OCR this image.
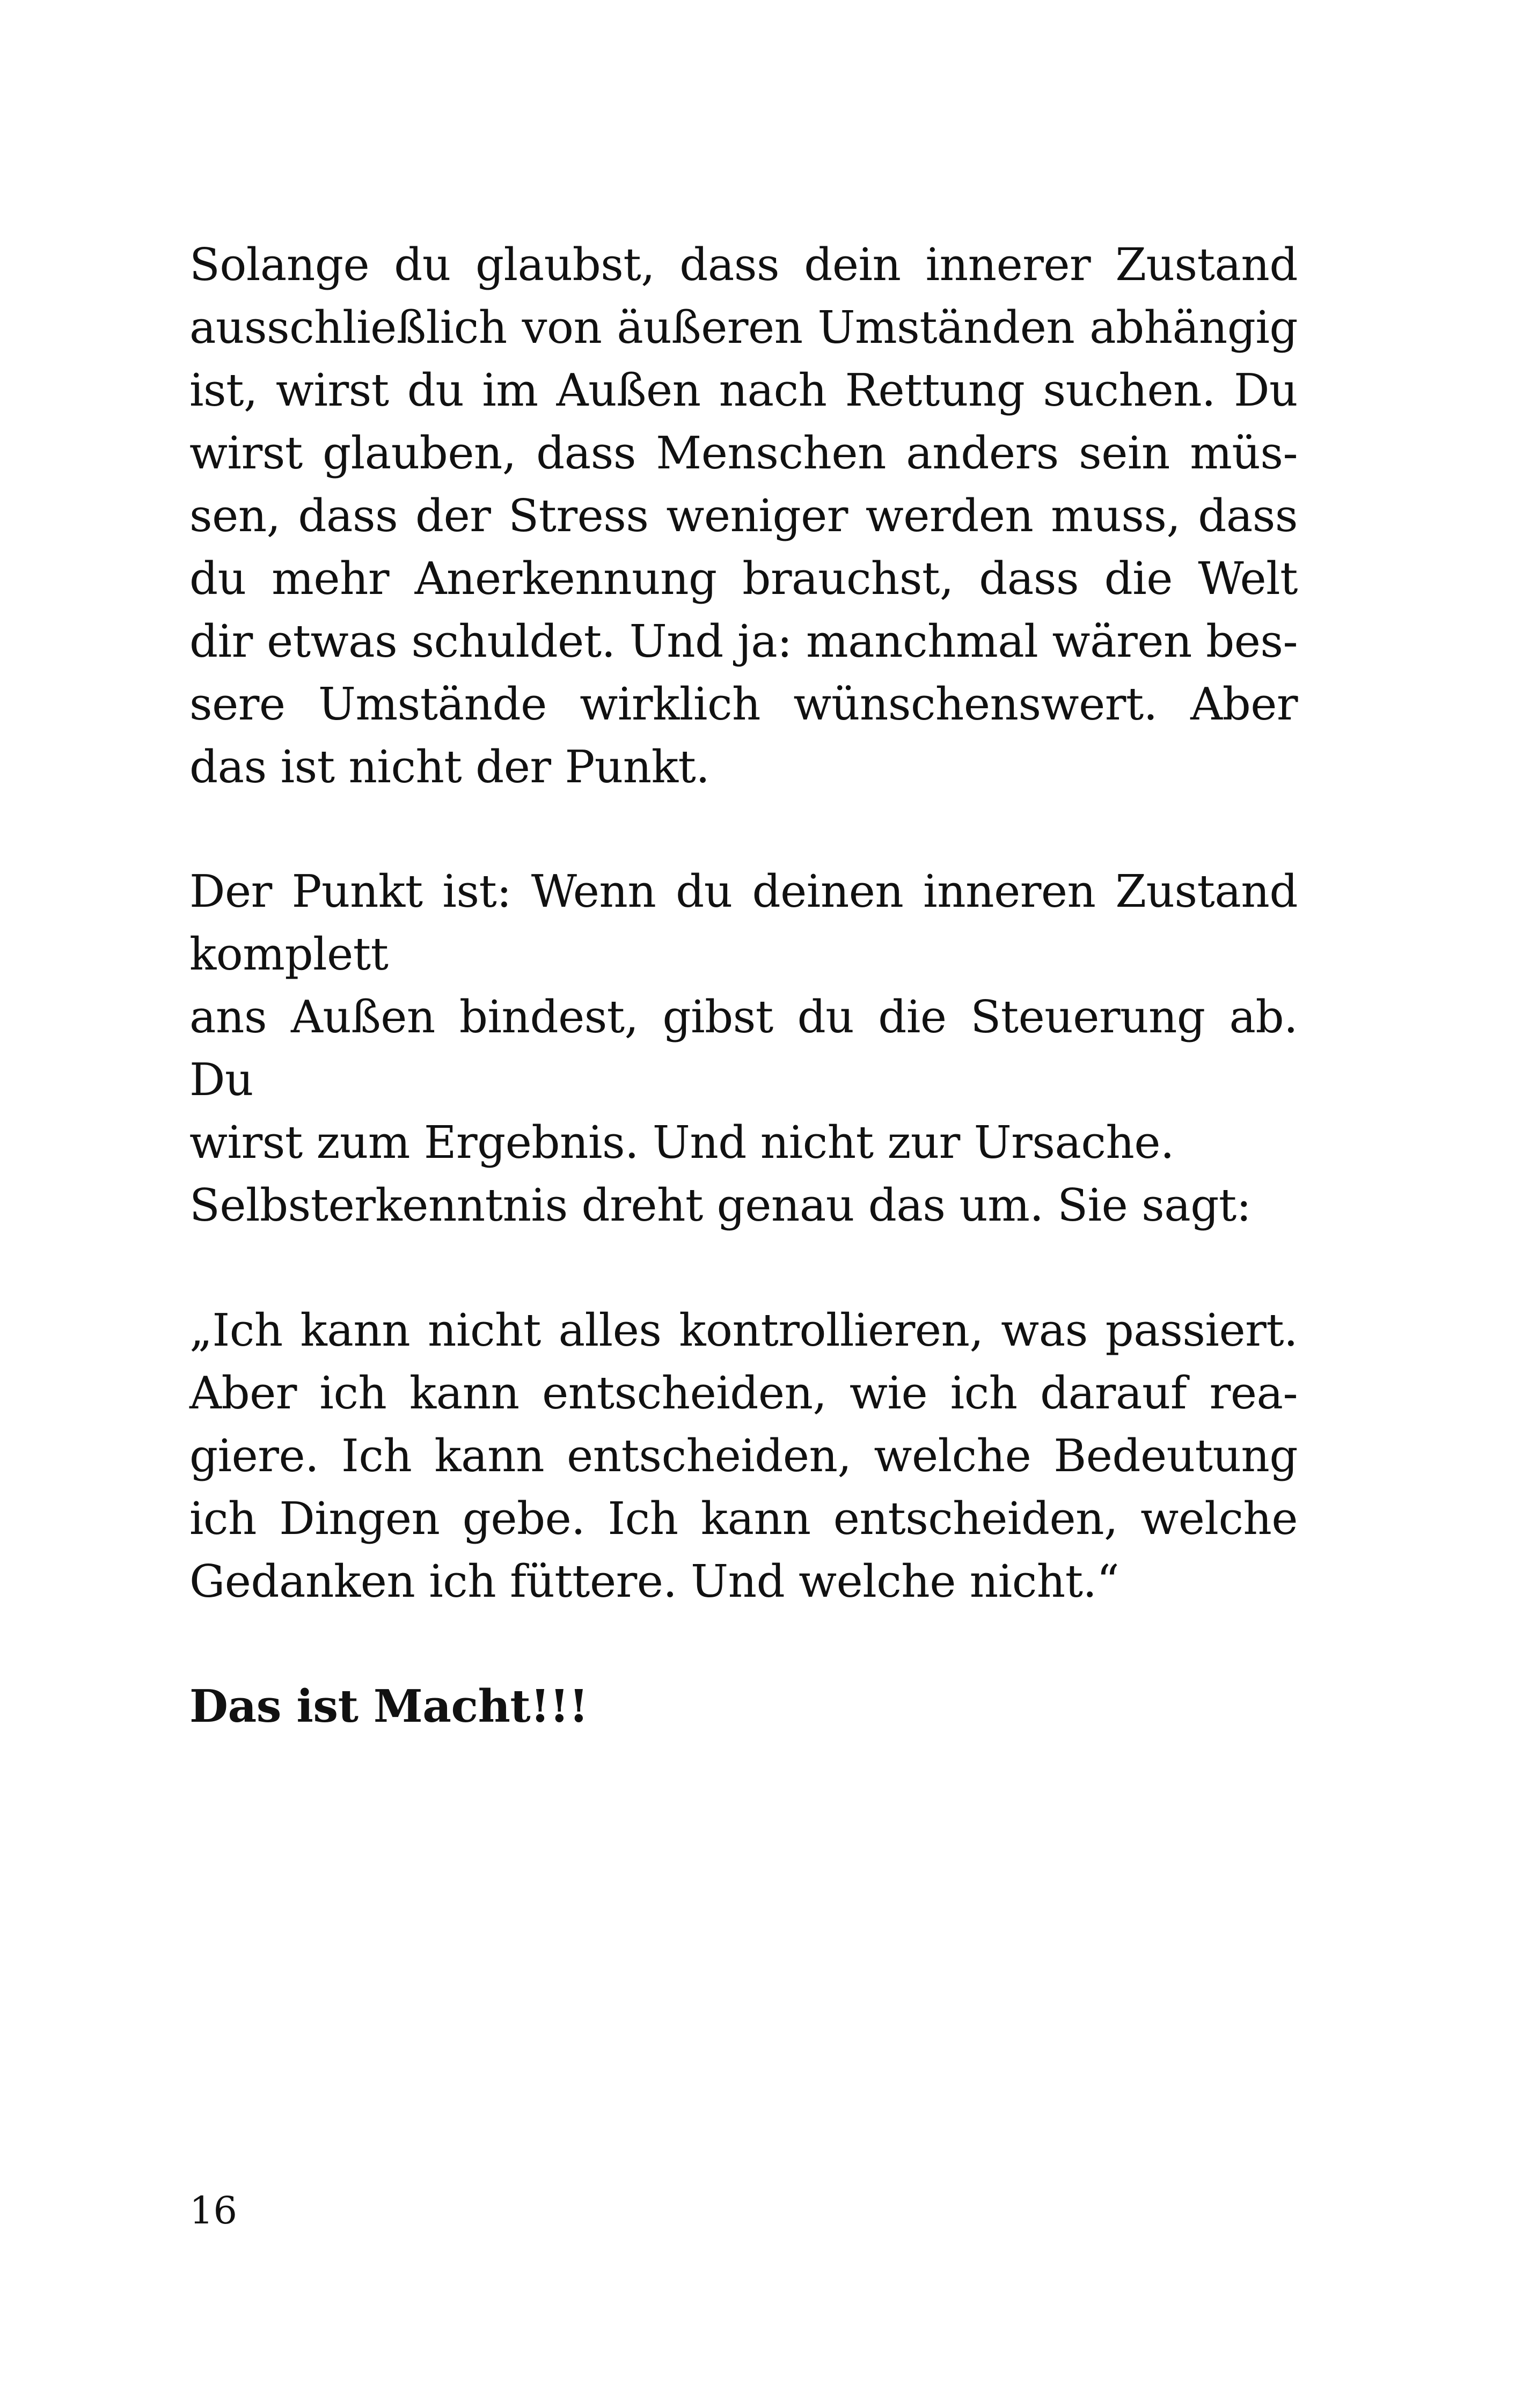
Solange du glaubst, dass dein innerer Zustand
ausschließlich von äußeren Umständen abhängig
ist, wirst du im Außen nach Rettung suchen. Du
wirst glauben, dass Menschen anders sein müs-
sen, dass der Stress weniger werden muss, dass
du mehr Anerkennung brauchst, dass die Welt
dir etwas schuldet. Und ja: manchmal wären bes-
sere Umstände wirklich wünschenswert. Aber
das ist nicht der Punkt.
Der Punkt ist: Wenn du deinen inneren Zustand
komplett
ans Außen bindest, gibst du die Steuerung ab. Du
wirst zum Ergebnis. Und nicht zur Ursache.
Selbsterkenntnis dreht genau das um. Sie sagt:
„Ich kann nicht alles kontrollieren, was passiert.
Aber ich kann entscheiden, wie ich darauf rea-
giere. Ich kann entscheiden, welche Bedeutung
ich Dingen gebe. Ich kann entscheiden, welche
Gedanken ich füttere. Und welche nicht.“
Das ist Macht!!!

16
